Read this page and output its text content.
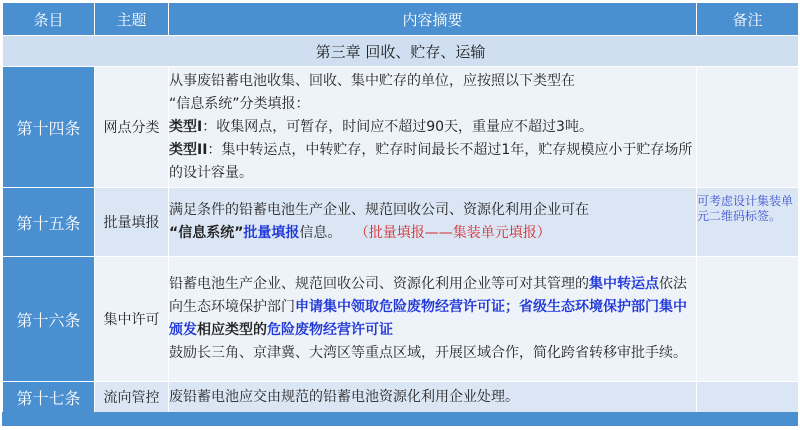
条目	主题	内容摘要	备注
第三章 回收、贮存、运输			
第十四条	网点分类	从事废铅蓄电池收集、回收、集中贮存的单位，应按照以下类型在
“信息系统”分类填报：
类型I：收集网点，可暂存，时间应不超过90天，重量应不超过3吨。
类型II：集中转运点，中转贮存，贮存时间最长不超过1年，贮存规模应小于贮存场所的设计容量。	
第十五条	批量填报	满足条件的铅蓄电池生产企业、规范回收公司、资源化利用企业可在
“信息系统”批量填报信息。 （批量填报——集装单元填报）	可考虑设计集装单元二维码标签。
第十六条	集中许可	铅蓄电池生产企业、规范回收公司、资源化利用企业等可对其管理的集中转运点依法向生态环境保护部门申请集中领取危险废物经营许可证；省级生态环境保护部门集中颁发相应类型的危险废物经营许可证
鼓励长三角、京津冀、大湾区等重点区域，开展区域合作，简化跨省转移审批手续。	
第十七条	流向管控	废铅蓄电池应交由规范的铅蓄电池资源化利用企业处理。	
